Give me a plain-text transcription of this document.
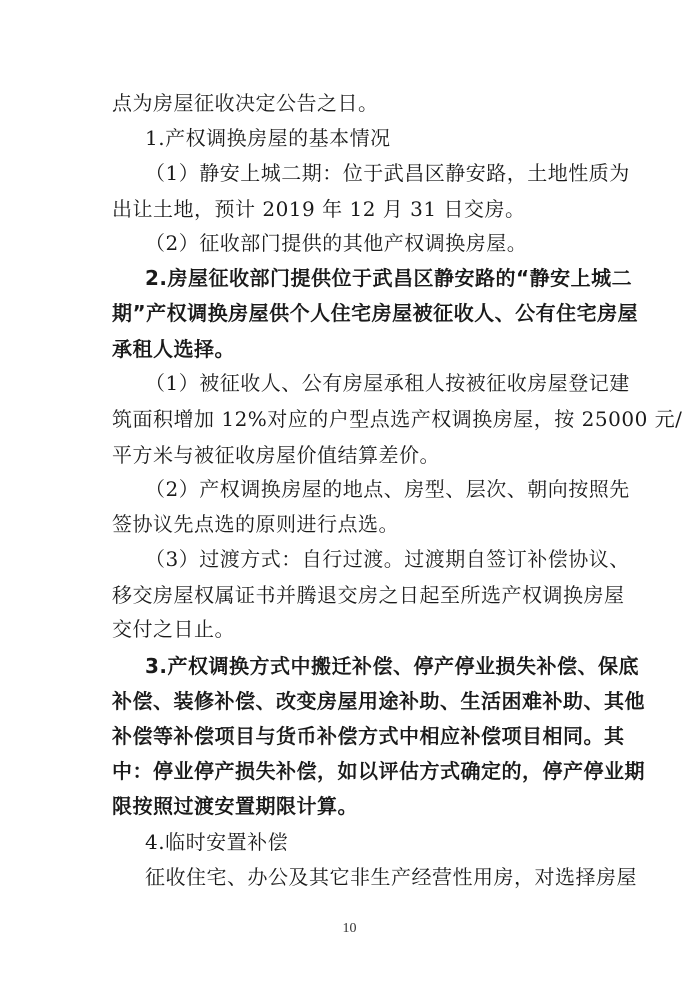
点为房屋征收决定公告之日。
1.产权调换房屋的基本情况
（1）静安上城二期：位于武昌区静安路，土地性质为
出让土地，预计 2019 年 12 月 31 日交房。
（2）征收部门提供的其他产权调换房屋。
2.房屋征收部门提供位于武昌区静安路的“静安上城二
期”产权调换房屋供个人住宅房屋被征收人、公有住宅房屋
承租人选择。
（1）被征收人、公有房屋承租人按被征收房屋登记建
筑面积增加 12%对应的户型点选产权调换房屋，按 25000 元/
平方米与被征收房屋价值结算差价。
（2）产权调换房屋的地点、房型、层次、朝向按照先
签协议先点选的原则进行点选。
（3）过渡方式：自行过渡。过渡期自签订补偿协议、
移交房屋权属证书并腾退交房之日起至所选产权调换房屋
交付之日止。
3.产权调换方式中搬迁补偿、停产停业损失补偿、保底
补偿、装修补偿、改变房屋用途补助、生活困难补助、其他
补偿等补偿项目与货币补偿方式中相应补偿项目相同。其
中：停业停产损失补偿，如以评估方式确定的，停产停业期
限按照过渡安置期限计算。
4.临时安置补偿
征收住宅、办公及其它非生产经营性用房，对选择房屋
10
